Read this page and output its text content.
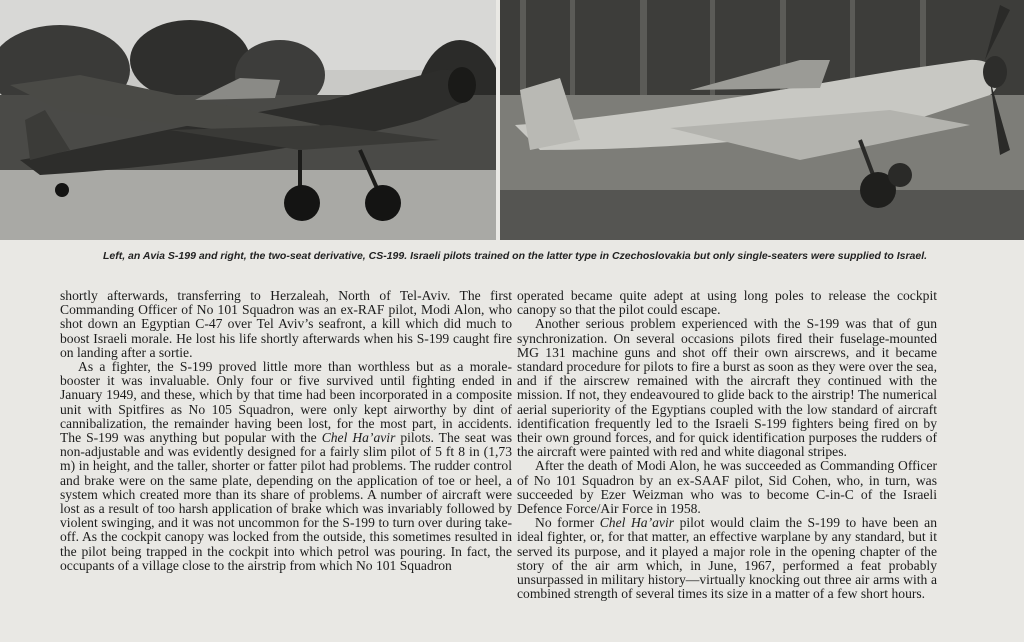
Left, an Avia S-199 and right, the two-seat derivative, CS-199. Israeli pilots trained on the latter type in Czechoslovakia but only single-seaters were supplied to Israel.

shortly afterwards, transferring to Herzaleah, North of Tel-Aviv. The first Commanding Officer of No 101 Squadron was an ex-RAF pilot, Modi Alon, who shot down an Egyptian C-47 over Tel Aviv’s seafront, a kill which did much to boost Israeli morale. He lost his life shortly afterwards when his S-199 caught fire on landing after a sortie.

As a fighter, the S-199 proved little more than worthless but as a morale-booster it was invaluable. Only four or five survived until fighting ended in January 1949, and these, which by that time had been incorporated in a composite unit with Spitfires as No 105 Squadron, were only kept airworthy by dint of cannibalization, the remainder having been lost, for the most part, in accidents. The S-199 was anything but popular with the Chel Ha’avir pilots. The seat was non-adjustable and was evidently designed for a fairly slim pilot of 5 ft 8 in (1,73 m) in height, and the taller, shorter or fatter pilot had problems. The rudder control and brake were on the same plate, depending on the application of toe or heel, a system which created more than its share of problems. A number of aircraft were lost as a result of too harsh application of brake which was invariably followed by violent swinging, and it was not uncommon for the S-199 to turn over during take-off. As the cockpit canopy was locked from the outside, this sometimes resulted in the pilot being trapped in the cockpit into which petrol was pouring. In fact, the occupants of a village close to the airstrip from which No 101 Squadron

operated became quite adept at using long poles to release the cockpit canopy so that the pilot could escape.

Another serious problem experienced with the S-199 was that of gun synchronization. On several occasions pilots fired their fuselage-mounted MG 131 machine guns and shot off their own airscrews, and it became standard procedure for pilots to fire a burst as soon as they were over the sea, and if the airscrew remained with the aircraft they continued with the mission. If not, they endeavoured to glide back to the airstrip! The numerical aerial superiority of the Egyptians coupled with the low standard of aircraft identification frequently led to the Israeli S-199 fighters being fired on by their own ground forces, and for quick identification purposes the rudders of the aircraft were painted with red and white diagonal stripes.

After the death of Modi Alon, he was succeeded as Commanding Officer of No 101 Squadron by an ex-SAAF pilot, Sid Cohen, who, in turn, was succeeded by Ezer Weizman who was to become C-in-C of the Israeli Defence Force/Air Force in 1958.

No former Chel Ha’avir pilot would claim the S-199 to have been an ideal fighter, or, for that matter, an effective warplane by any standard, but it served its purpose, and it played a major role in the opening chapter of the story of the air arm which, in June, 1967, performed a feat probably unsurpassed in military history—virtually knocking out three air arms with a combined strength of several times its size in a matter of a few short hours.
